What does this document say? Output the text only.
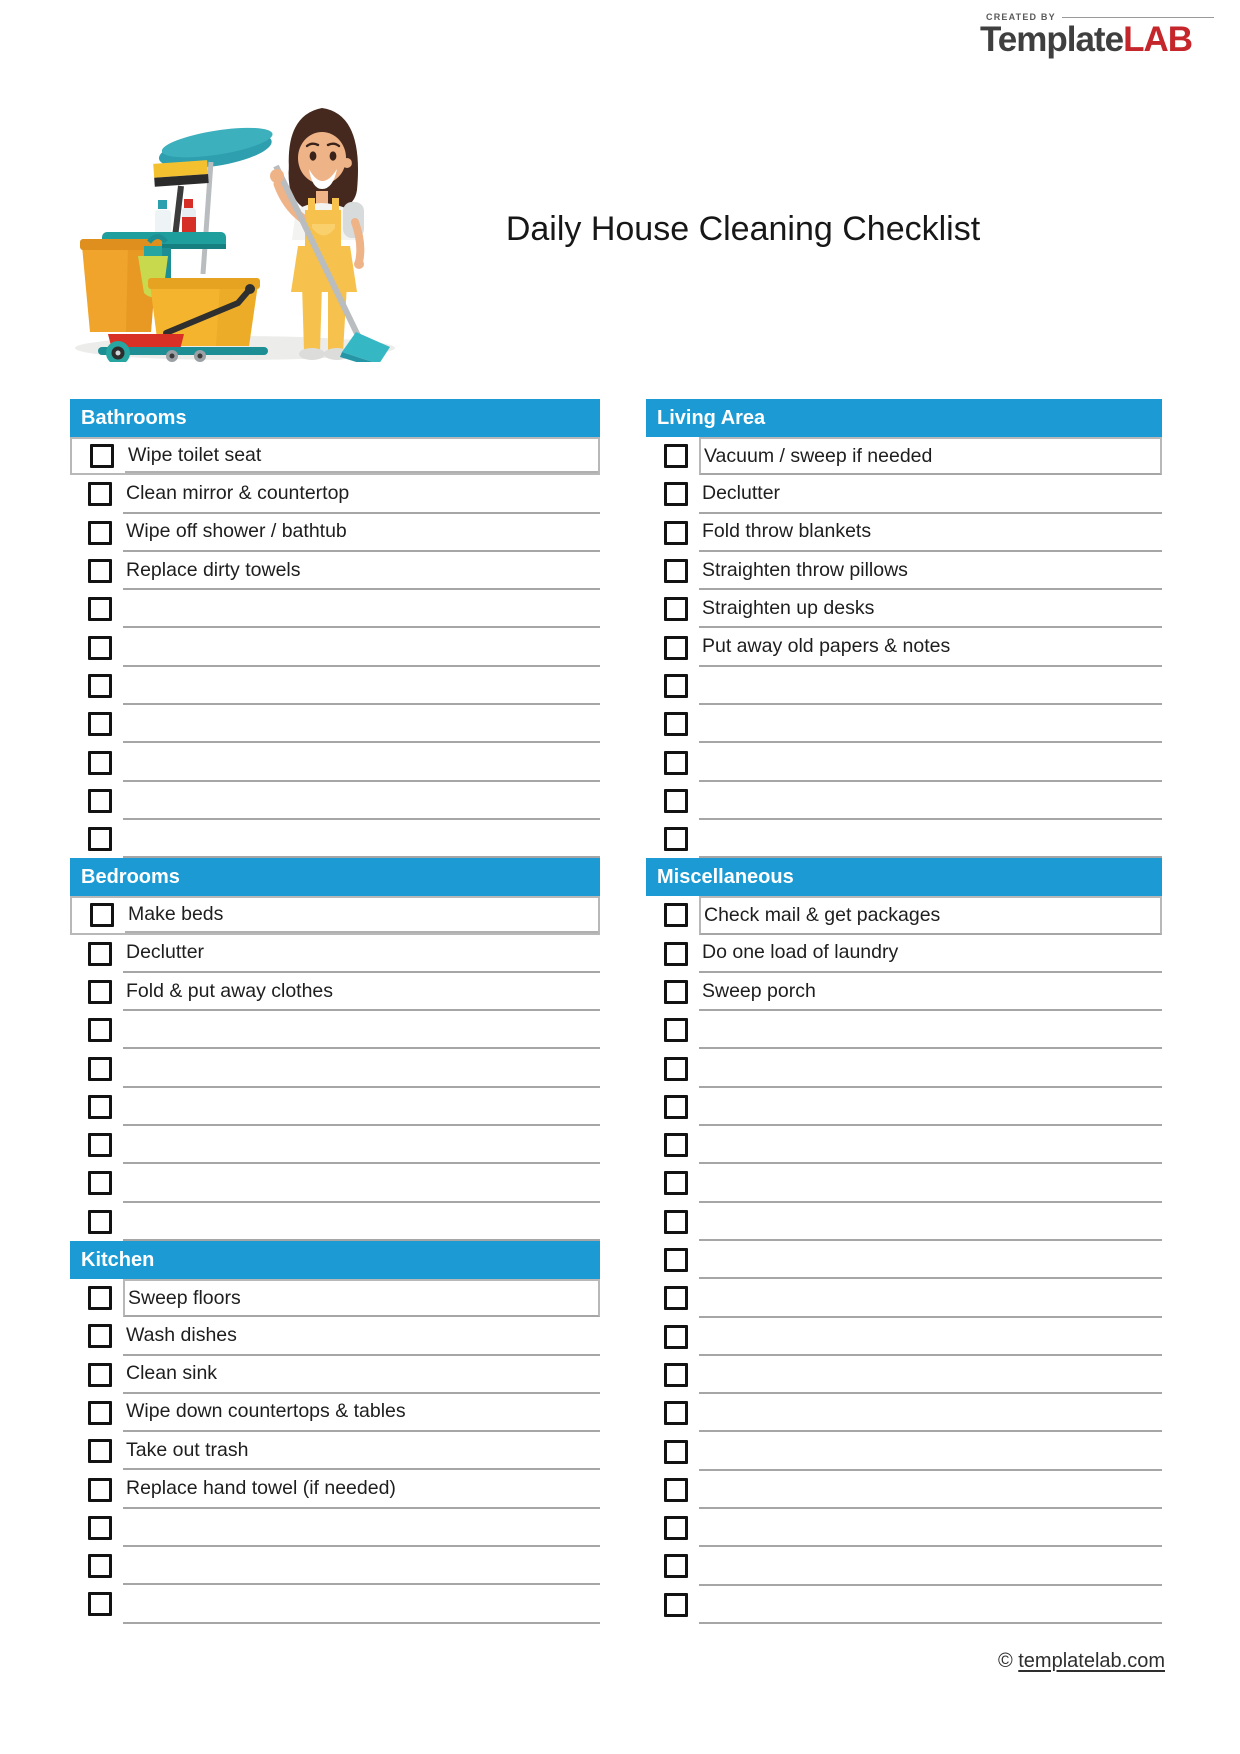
CREATED BY
TemplateLAB
Daily House Cleaning Checklist
Bathrooms
Wipe toilet seat
Clean mirror & countertop
Wipe off shower / bathtub
Replace dirty towels
Bedrooms
Make beds
Declutter
Fold & put away clothes
Kitchen
Sweep floors
Wash dishes
Clean sink
Wipe down countertops & tables
Take out trash
Replace hand towel (if needed)
Living Area
Vacuum / sweep if needed
Declutter
Fold throw blankets
Straighten throw pillows
Straighten up desks
Put away old papers & notes
Miscellaneous
Check mail & get packages
Do one load of laundry
Sweep porch
© templatelab.com
